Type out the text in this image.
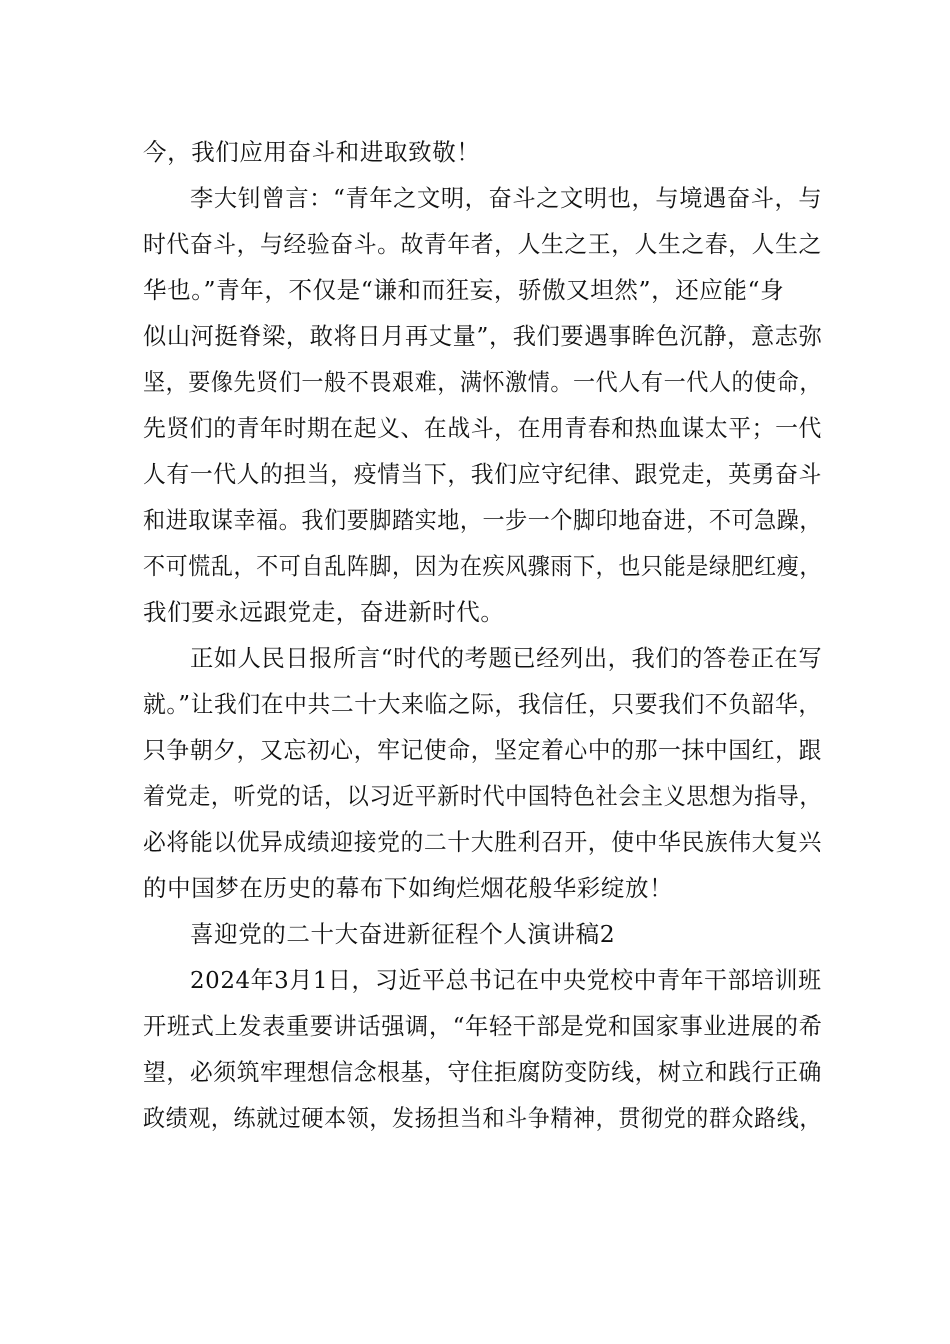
今，我们应用奋斗和进取致敬！
李大钊曾言：“青年之文明，奋斗之文明也，与境遇奋斗，与
时代奋斗，与经验奋斗。故青年者，人生之王，人生之春，人生之
华也。”青年，不仅是“谦和而狂妄，骄傲又坦然”，还应能“身
似山河挺脊梁，敢将日月再丈量”，我们要遇事眸色沉静，意志弥
坚，要像先贤们一般不畏艰难，满怀激情。一代人有一代人的使命，
先贤们的青年时期在起义、在战斗，在用青春和热血谋太平；一代
人有一代人的担当，疫情当下，我们应守纪律、跟党走，英勇奋斗
和进取谋幸福。我们要脚踏实地，一步一个脚印地奋进，不可急躁，
不可慌乱，不可自乱阵脚，因为在疾风骤雨下，也只能是绿肥红瘦，
我们要永远跟党走，奋进新时代。
正如人民日报所言“时代的考题已经列出，我们的答卷正在写
就。”让我们在中共二十大来临之际，我信任，只要我们不负韶华，
只争朝夕，又忘初心，牢记使命，坚定着心中的那一抹中国红，跟
着党走，听党的话，以习近平新时代中国特色社会主义思想为指导，
必将能以优异成绩迎接党的二十大胜利召开，使中华民族伟大复兴
的中国梦在历史的幕布下如绚烂烟花般华彩绽放！
喜迎党的二十大奋进新征程个人演讲稿2
2024年3月1日，习近平总书记在中央党校中青年干部培训班
开班式上发表重要讲话强调，“年轻干部是党和国家事业进展的希
望，必须筑牢理想信念根基，守住拒腐防变防线，树立和践行正确
政绩观，练就过硬本领，发扬担当和斗争精神，贯彻党的群众路线，
